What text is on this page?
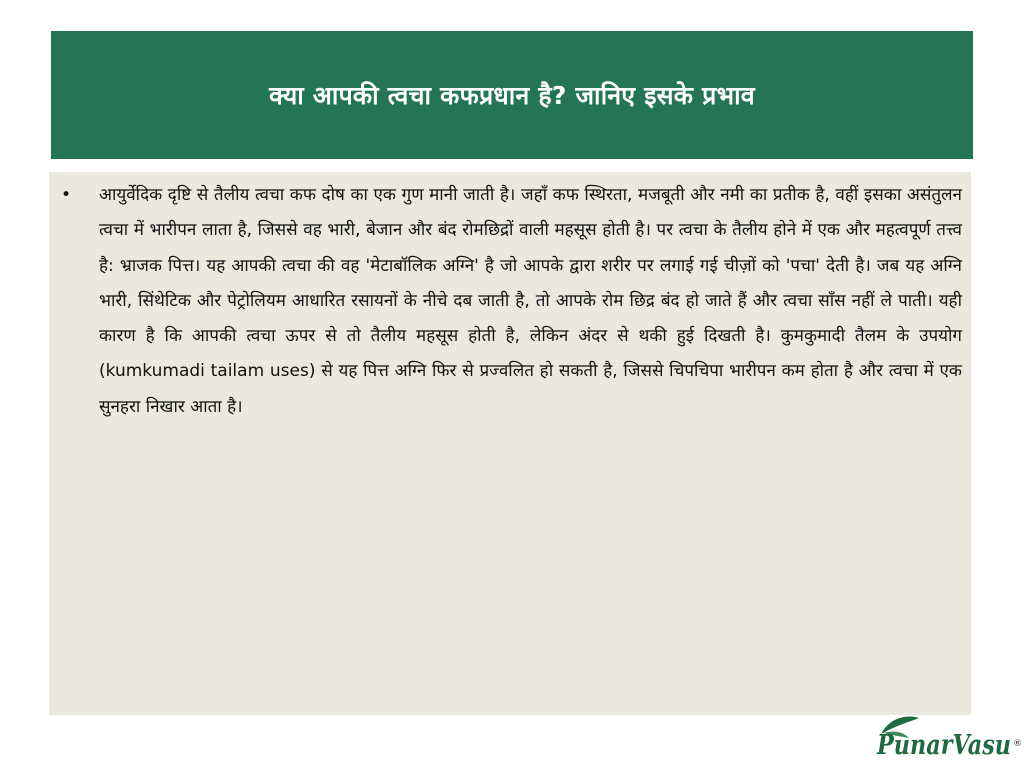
क्या आपकी त्वचा कफप्रधान है? जानिए इसके प्रभाव
•	आयुर्वेदिक दृष्टि से तैलीय त्वचा कफ दोष का एक गुण मानी जाती है। जहाँ कफ स्थिरता, मजबूती और नमी का प्रतीक है, वहीं इसका असंतुलन त्वचा में भारीपन लाता है, जिससे वह भारी, बेजान और बंद रोमछिद्रों वाली महसूस होती है। पर त्वचा के तैलीय होने में एक और महत्वपूर्ण तत्त्व है: भ्राजक पित्त। यह आपकी त्वचा की वह 'मेटाबॉलिक अग्नि' है जो आपके द्वारा शरीर पर लगाई गई चीज़ों को 'पचा' देती है। जब यह अग्नि भारी, सिंथेटिक और पेट्रोलियम आधारित रसायनों के नीचे दब जाती है, तो आपके रोम छिद्र बंद हो जाते हैं और त्वचा साँस नहीं ले पाती। यही कारण है कि आपकी त्वचा ऊपर से तो तैलीय महसूस होती है, लेकिन अंदर से थकी हुई दिखती है। कुमकुमादी तैलम के उपयोग (kumkumadi tailam uses) से यह पित्त अग्नि फिर से प्रज्वलित हो सकती है, जिससे चिपचिपा भारीपन कम होता है और त्वचा में एक सुनहरा निखार आता है।

PunarVasu ®
